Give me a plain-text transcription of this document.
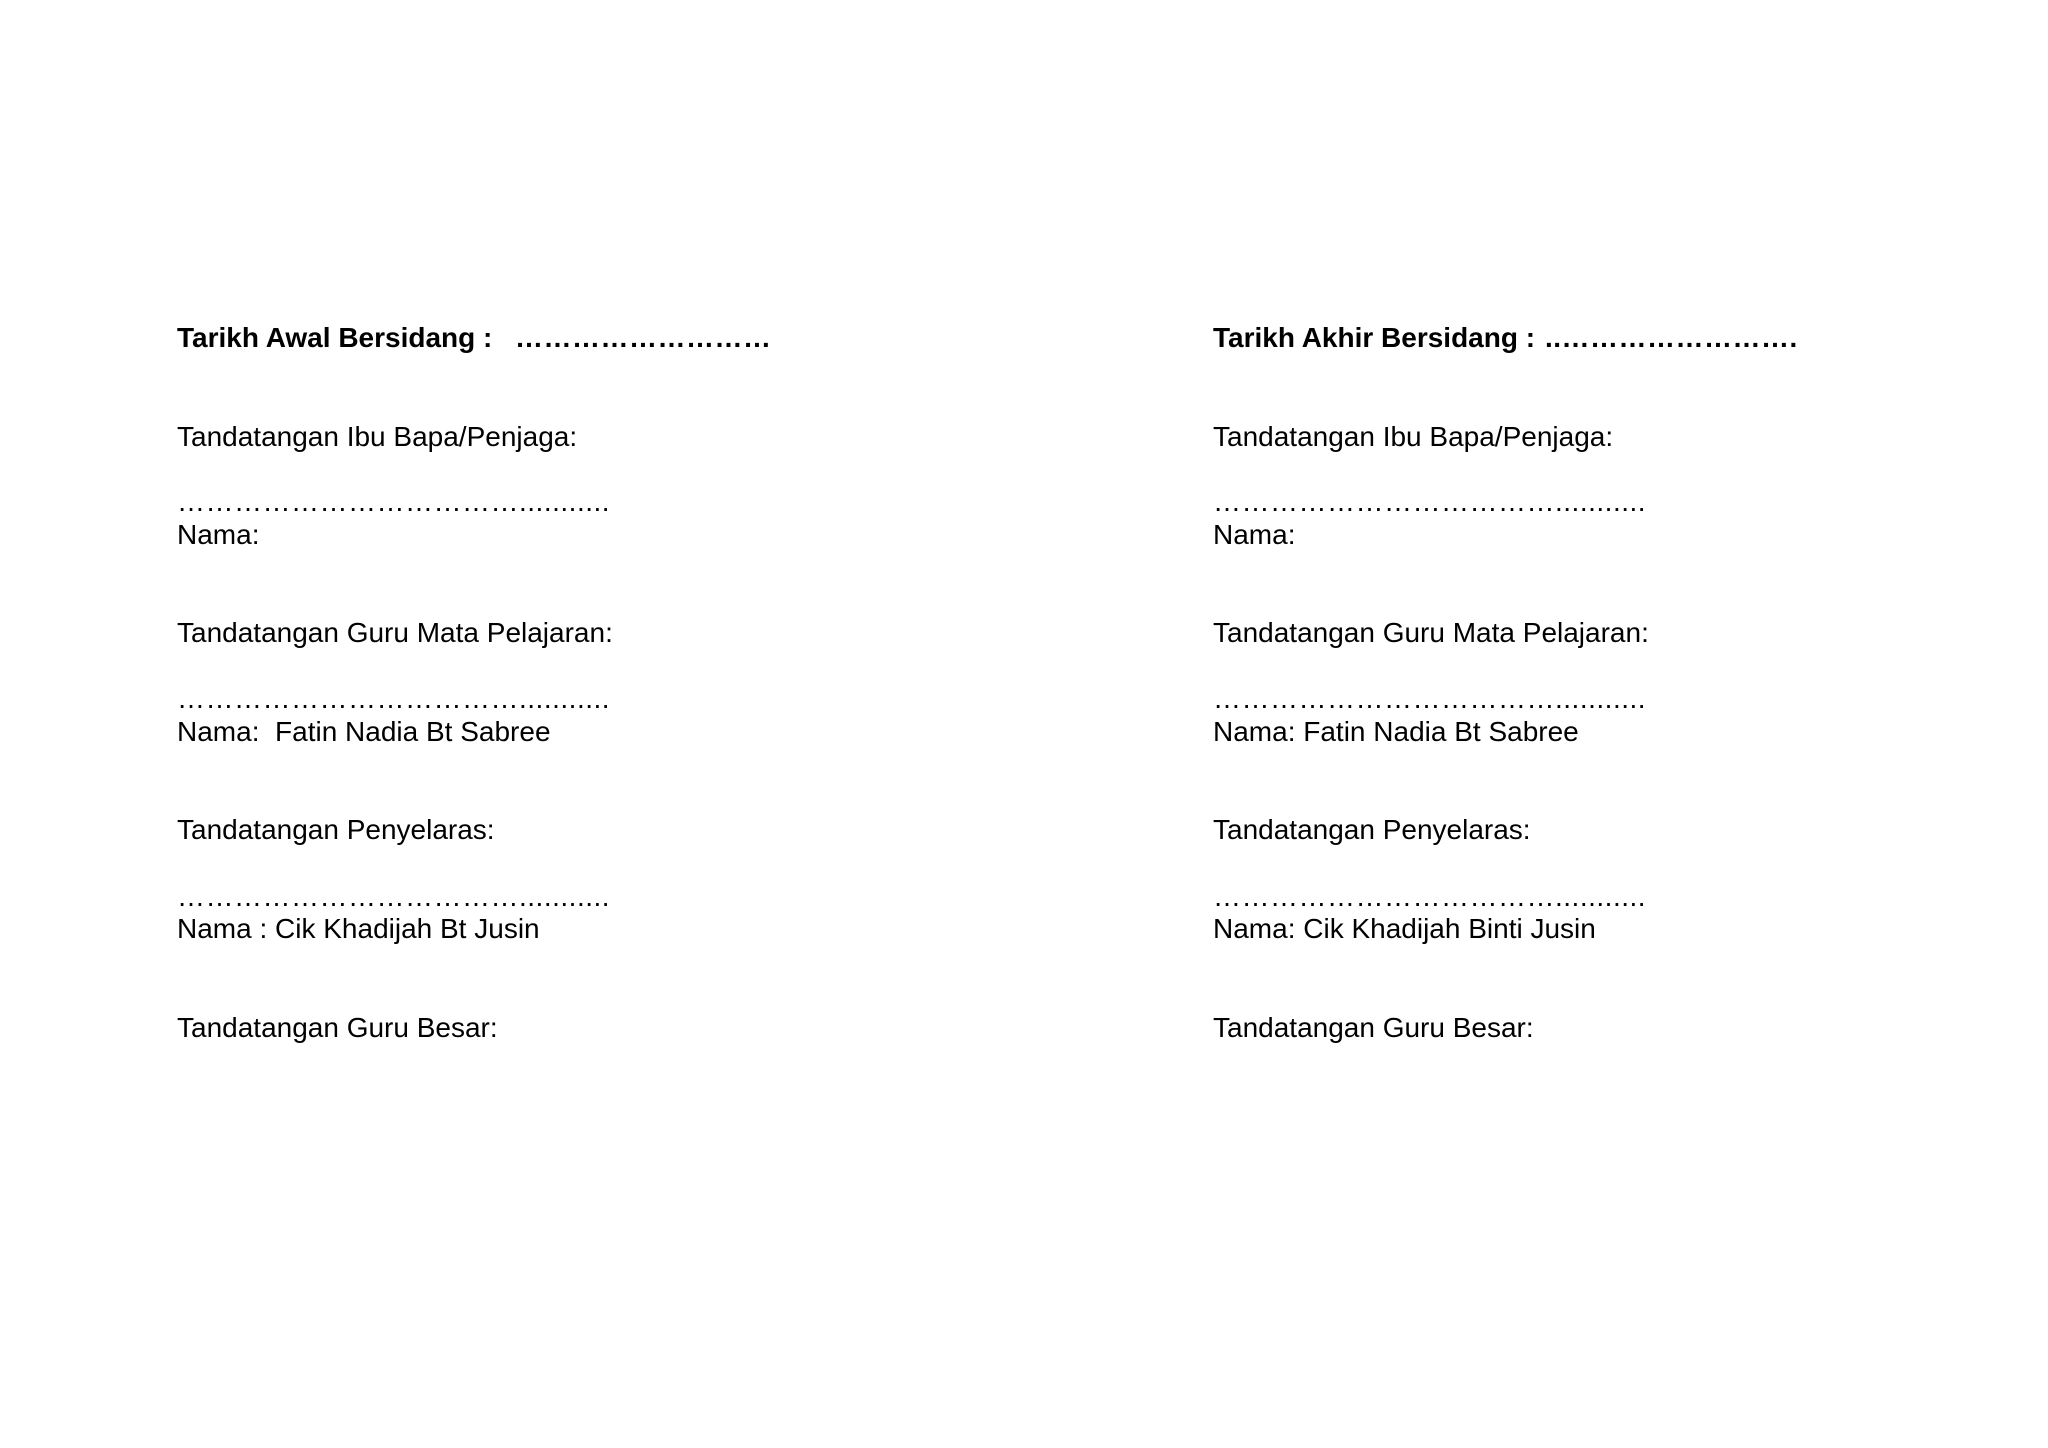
Tarikh Awal Bersidang : ………………………
Tandatangan Ibu Bapa/Penjaga:
………………………………...........
Nama:
Tandatangan Guru Mata Pelajaran:
………………………………...........
Nama:  Fatin Nadia Bt Sabree
Tandatangan Penyelaras:
………………………………...........
Nama : Cik Khadijah Bt Jusin
Tandatangan Guru Besar:
Tarikh Akhir Bersidang : ..…………………….
Tandatangan Ibu Bapa/Penjaga:
………………………………...........
Nama:
Tandatangan Guru Mata Pelajaran:
………………………………...........
Nama: Fatin Nadia Bt Sabree
Tandatangan Penyelaras:
………………………………...........
Nama: Cik Khadijah Binti Jusin
Tandatangan Guru Besar:
